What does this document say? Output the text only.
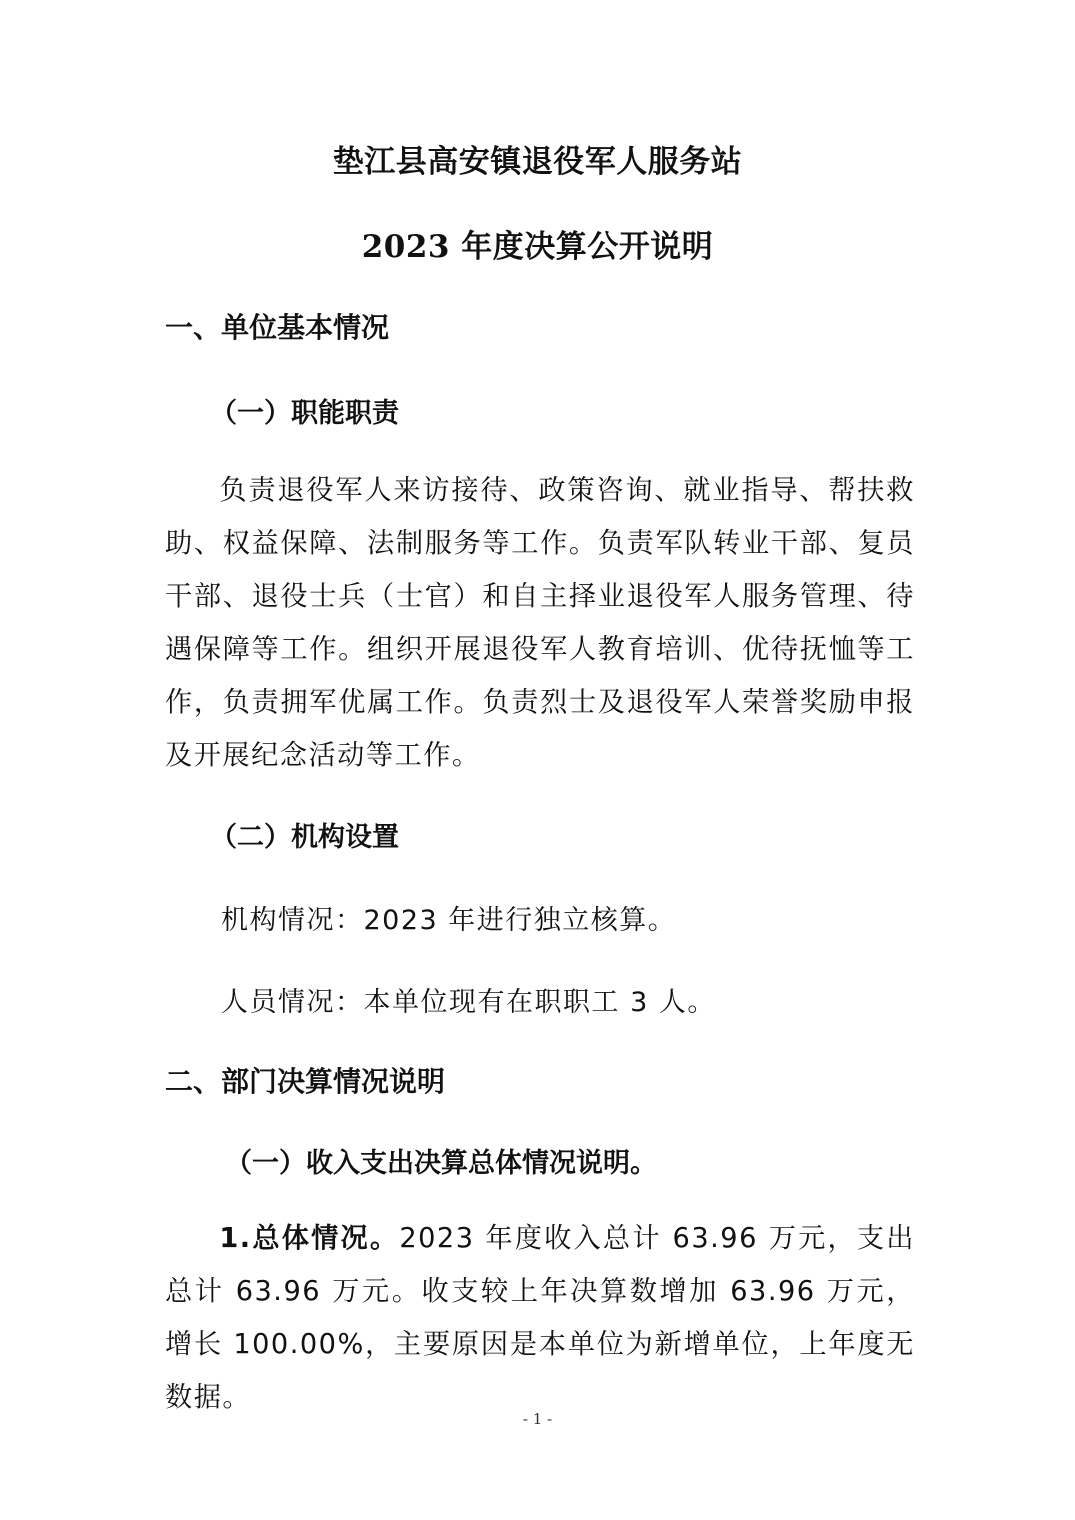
垫江县高安镇退役军人服务站
2023 年度决算公开说明
一、单位基本情况
（一）职能职责

负责退役军人来访接待、政策咨询、就业指导、帮扶救助、权益保障、法制服务等工作。负责军队转业干部、复员干部、退役士兵（士官）和自主择业退役军人服务管理、待遇保障等工作。组织开展退役军人教育培训、优待抚恤等工作，负责拥军优属工作。负责烈士及退役军人荣誉奖励申报及开展纪念活动等工作。

（二）机构设置

机构情况：2023 年进行独立核算。

人员情况：本单位现有在职职工 3 人。

二、部门决算情况说明
（一）收入支出决算总体情况说明。

1.总体情况。2023 年度收入总计 63.96 万元，支出总计 63.96 万元。收支较上年决算数增加 63.96 万元，增长 100.00%，主要原因是本单位为新增单位，上年度无数据。

- 1 -
